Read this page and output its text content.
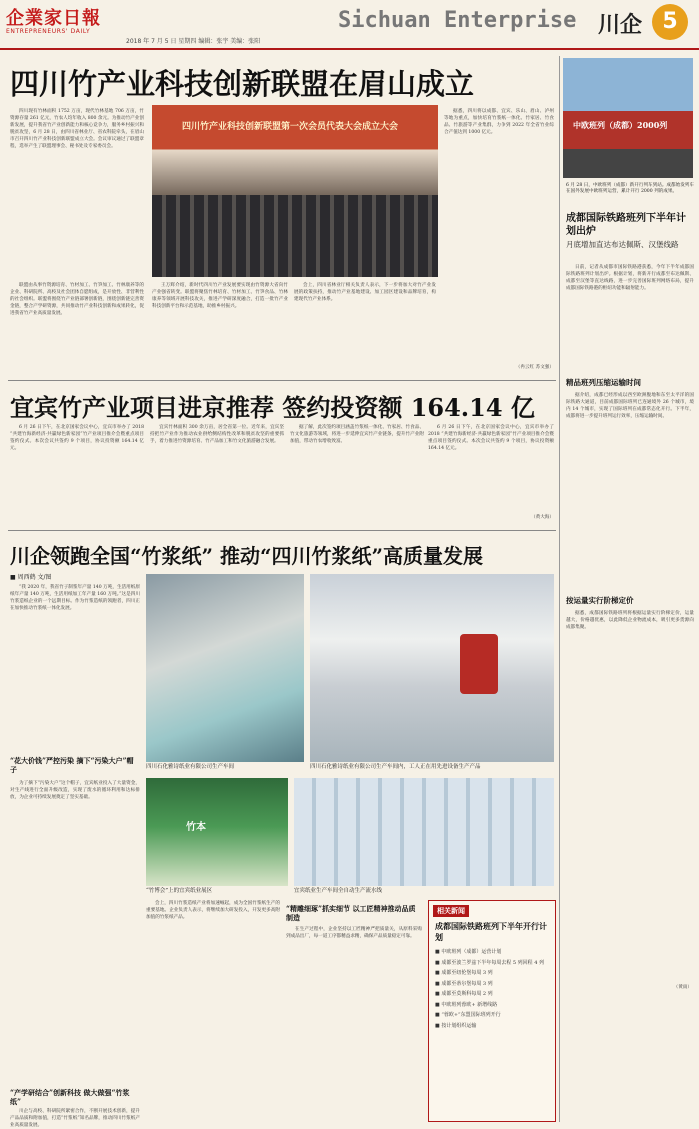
企業家日報
ENTREPRENEURS' DAILY
2018 年 7 月 5 日 星期四 编辑：张宇 美编：张阳
Sichuan Enterprise 川企 5
四川竹产业科技创新联盟在眉山成立
四川竹产业科技创新联盟第一次会员代表大会成立大会

四川现有竹林面积 1752 万亩，现代竹林基地 706 万亩，竹资源存量 261 亿元，竹农人均年收入 800 余元。为推动竹产业创新发展，提升我省竹产业创新能力和核心竞争力，服务乡村振兴和脱贫攻坚，6 月 28 日，由四川省林业厅、省农科院牵头，在眉山市召开四川竹产业科技创新联盟成立大会。会议审议通过了联盟章程，选举产生了联盟理事会、秘书处及专家委员会。

联盟由从事竹资源培育、竹材加工、竹笋加工、竹林康养等的企业、科研院所、高校及社会团体自愿组成，是开放性、非营利性的社会组织。联盟将围绕竹产业链部署创新链，围绕创新链完善资金链，整合产学研资源，共同推动竹产业科技创新和成果转化，促进我省竹产业高质量发展。

王万辉介绍，新时代四川竹产业发展要实现由竹资源大省向竹产业强省转变。联盟将聚焦竹林培育、竹材加工、竹笋食品、竹林康养等领域开展科技攻关，推进产学研深度融合，打造一批竹产业科技创新平台和示范基地，助推乡村振兴。

会上，四川省林业厅相关负责人表示，下一步将加大对竹产业发展的政策扶持，推动竹产业基地建设、加工园区建设和品牌培育，构建现代竹产业体系。

据悉，四川将以成都、宜宾、乐山、眉山、泸州等地为重点，加快培育竹浆纸一体化、竹家居、竹食品、竹旅游等产业集群，力争到 2022 年全省竹业综合产值达到 1000 亿元。

（冉云红 苏文强）
中欧班列（成都）2000列
6 月 28 日，中欧班列（成都）新开行列车到站。成都始发列车在国外发展中欧班列运营，累计开行 2000 列的成果。
成都国际铁路班列下半年计划出炉
月底增加直达布达佩斯、汉堡线路

日前，记者从成都市国际铁路港获悉，今年下半年成都国际铁路班列计划出炉。根据计划，将新开行成都至布达佩斯、成都至汉堡等直达线路，进一步完善国际班列网络布局，提升成都国际铁路港的枢纽功能和辐射能力。

精品班列压缩运输时间

据介绍，成都已经形成以西至欧洲腹地和东至太平洋的国际铁路大通道，目前成都国际班列已连通境外 26 个城市，境内 14 个城市，实现了国际班列在成都常态化开行。下半年，成都将进一步提升班列运行效率，压缩运输时间。

按运量实行阶梯定价

据悉，成都国际铁路班列将根据运量实行阶梯定价，运量越大，价格越优惠，以此降低企业物流成本，吸引更多货源向成都集聚。

（黄雨）
宜宾竹产业项目进京推荐 签约投资额 164.14 亿

6 月 26 日下午，在北京国家会议中心，宜宾市举办了 2018 “共建竹海新经济·共赢绿色新家园”竹产业项目推介会暨重点项目签约仪式。本次会议共签约 9 个项目，协议投资额 164.14 亿元。

宜宾竹林面积 300 余万亩，居全省第一位。近年来，宜宾坚持把竹产业作为推动农业供给侧结构性改革和脱贫攻坚的重要抓手，着力推进竹资源培育、竹产品加工和竹文化旅游融合发展。

据了解，此次签约项目涵盖竹浆纸一体化、竹家居、竹食品、竹文化旅游等领域，将进一步延伸宜宾竹产业链条，提升竹产业附加值，带动竹农增收致富。

6 月 26 日下午，在北京国家会议中心，宜宾市举办了 2018 “共建竹海新经济·共赢绿色新家园”竹产业项目推介会暨重点项目签约仪式。本次会议共签约 9 个项目，协议投资额 164.14 亿元。

（黄大海）
川企领跑全国“竹浆纸” 推动“四川竹浆纸”高质量发展
■ 周西鹤 文/图

“我 2020 年，我省竹子制浆年产量 140 万吨，生活用纸原纸年产量 140 万吨，生活用纸加工年产量 160 万吨。”这是四川竹浆造纸企业的一个远期目标。作为竹浆造纸的领跑者，四川正在加快推动竹浆纸一体化发展。

“花大价钱”严控污染 摘下“污染大户”帽子

为了摘下“污染大户”这个帽子，宜宾纸业投入了大量资金，对生产线进行全面升级改造，实现了废水的循环利用和达标排放，为企业可持续发展奠定了坚实基础。

“产学研结合”创新科技 做大做强“竹浆纸”

川企与高校、科研院所紧密合作，不断开展技术创新，提升产品品质和附加值，打造“竹浆纸”知名品牌，推动四川竹浆纸产业高质量发展。

四川石化雅诗纸业有限公司生产车间	四川石化雅诗纸业有限公司生产车间内，工人正在用先进设备生产产品
竹本
“竹博会”上的宜宾纸业展区	宜宾纸业生产车间全自动生产流水线

会上，四川竹浆造纸产业将加速崛起，成为全国竹浆纸生产的重要基地。企业负责人表示，将继续加大研发投入，开发更多高附加值的竹浆纸产品。

“精雕细琢”抓实细节 以工匠精神推动品质制造

在生产过程中，企业坚持以工匠精神严把质量关，从原料采购到成品出厂，每一道工序都精益求精，确保产品质量稳定可靠。

相关新闻
成都国际铁路班列下半年开行计划
■ 中欧班列（成都）运营计划
■ 成都至波兰罗兹下半年每周去程 5 列回程 4 列
■ 成都至纽伦堡每周 3 列
■ 成都至蒂尔堡每周 3 列
■ 成都至莫斯科每周 2 列
■ 中欧班列蓉欧+ 新增线路
■ “蓉欧+”东盟国际班列开行
■ 按计划组织运输
